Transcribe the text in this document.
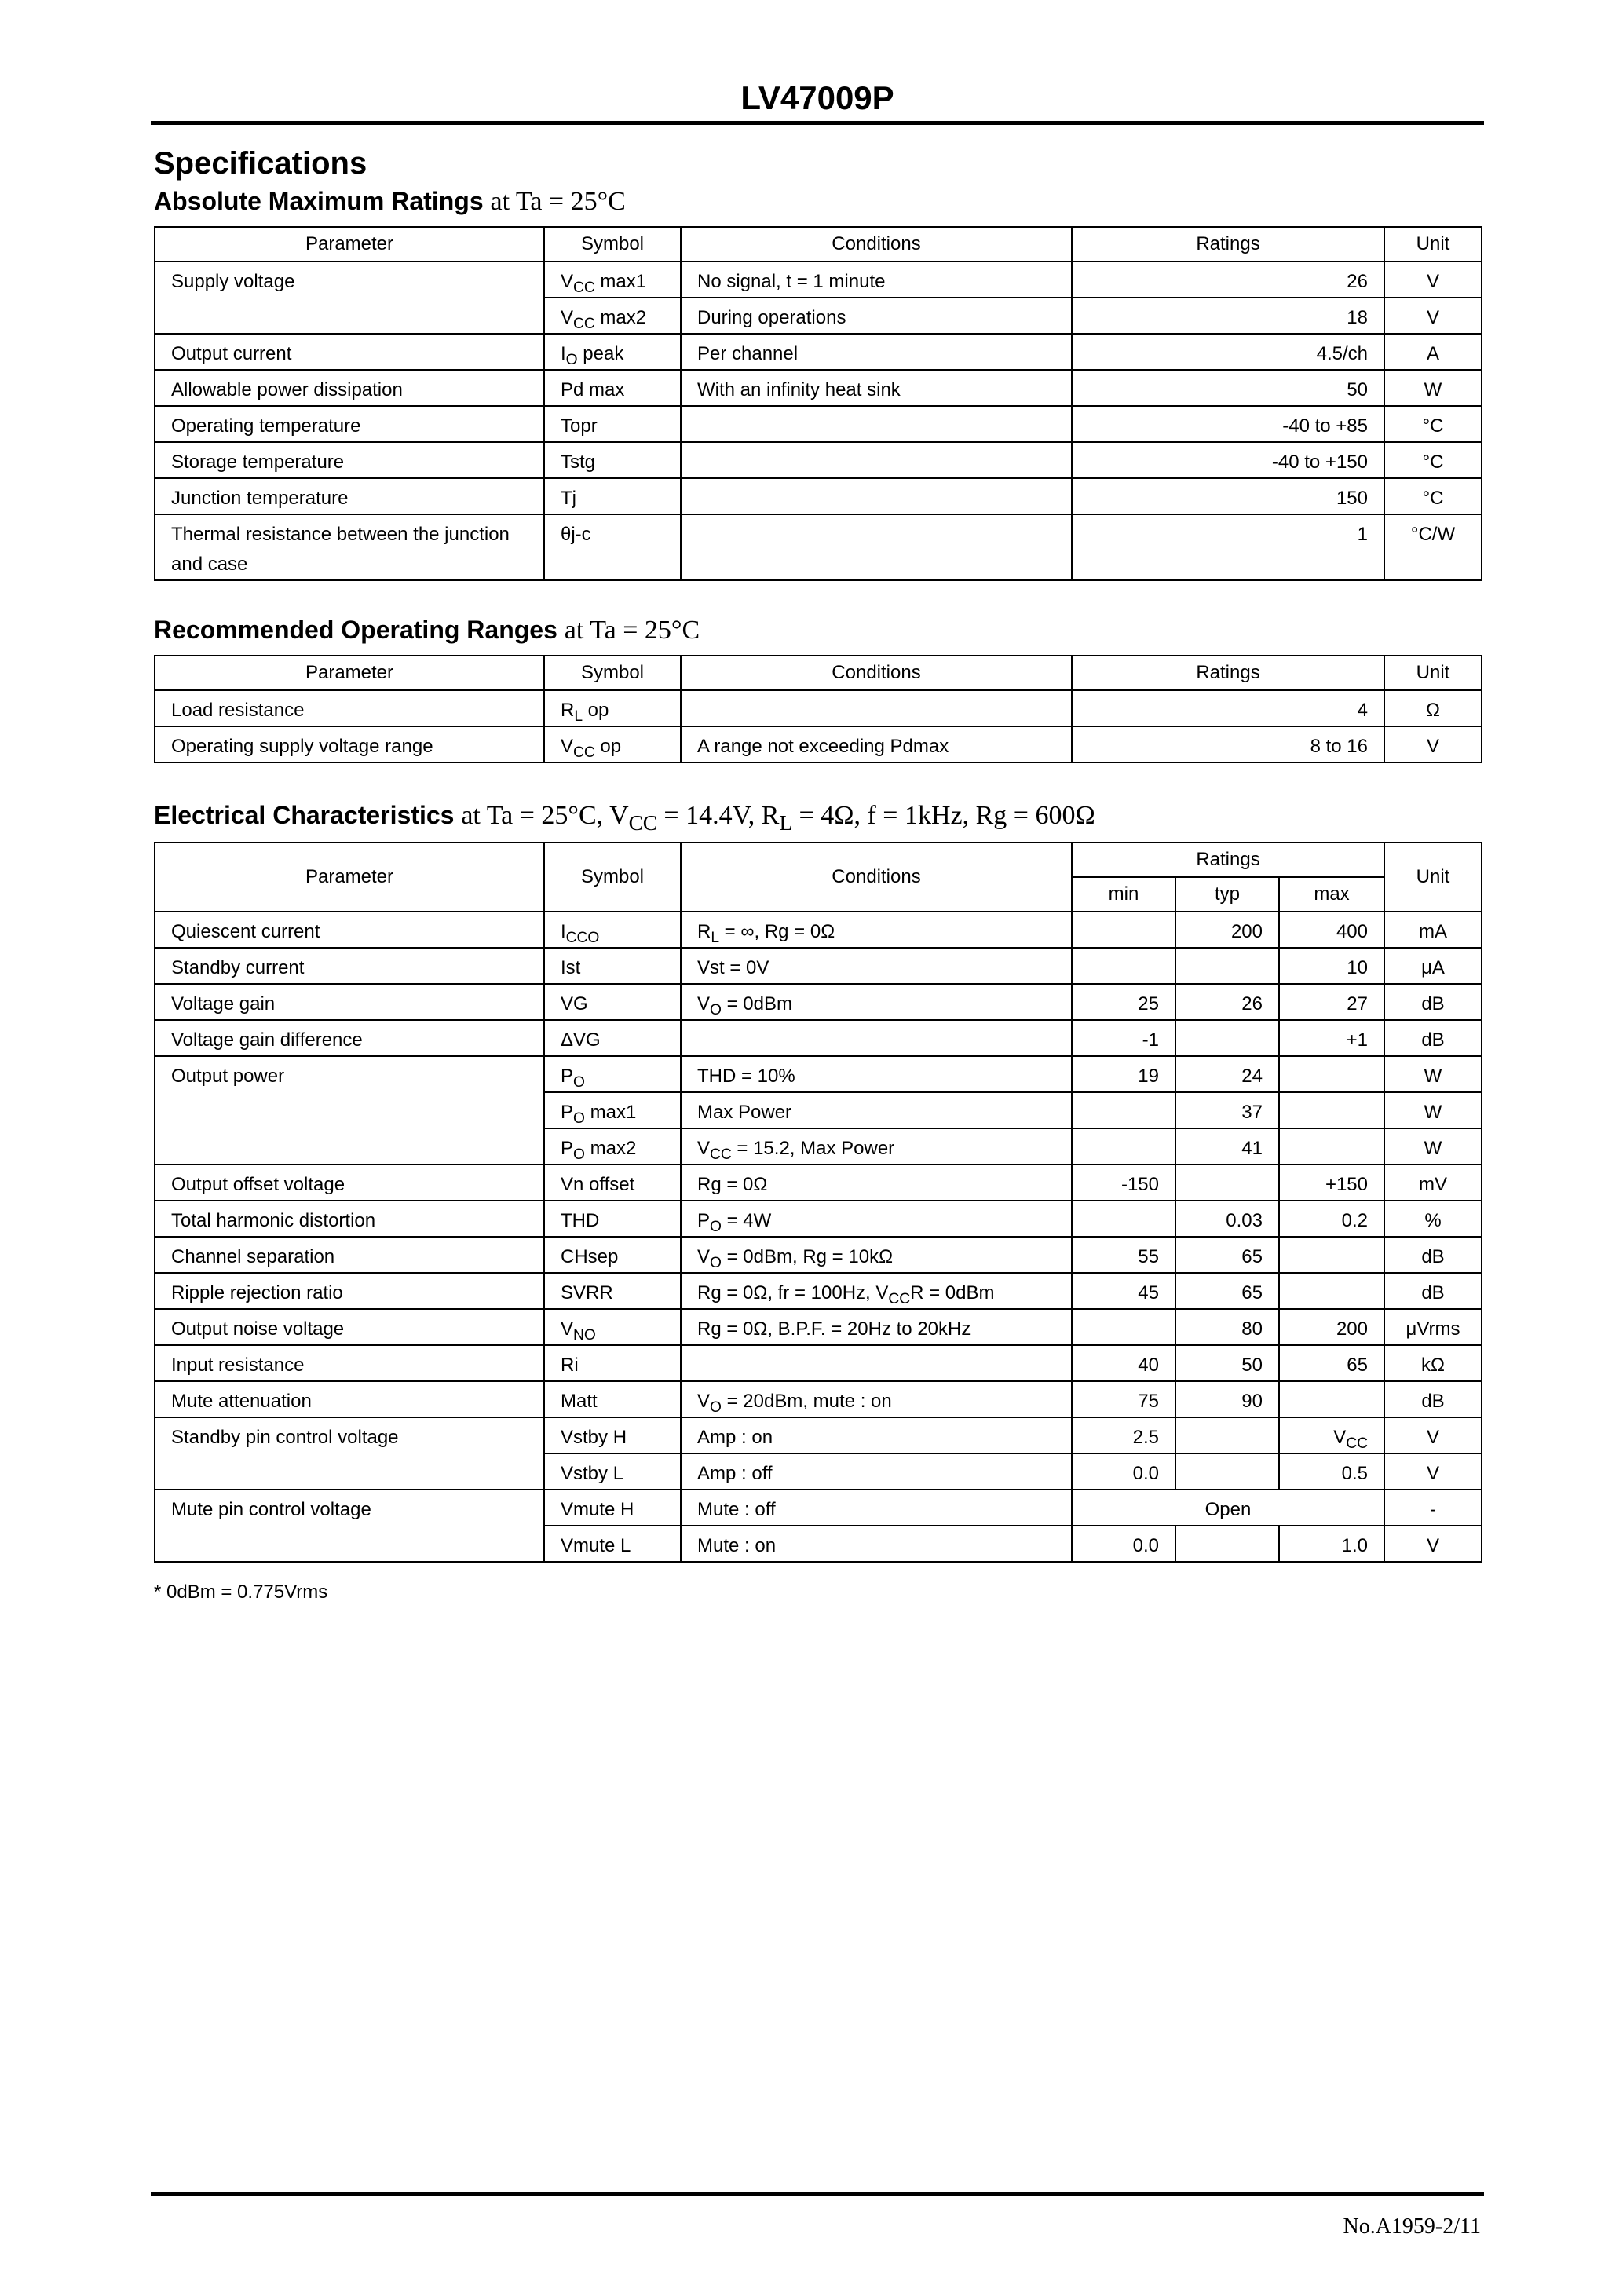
LV47009P
Specifications
Absolute Maximum Ratings at Ta = 25°C
Parameter	Symbol	Conditions	Ratings	Unit
Supply voltage	$V_{CC}$ max1	No signal, t = 1 minute	26	V
	$V_{CC}$ max2	During operations	18	V
Output current	$I_O$ peak	Per channel	4.5/ch	A
Allowable power dissipation	Pd max	With an infinity heat sink	50	W
Operating temperature	Topr		-40 to +85	°C
Storage temperature	Tstg		-40 to +150	°C
Junction temperature	Tj		150	°C
Thermal resistance between the junction and case	θj-c		1	°C/W
Recommended Operating Ranges at Ta = 25°C
Parameter	Symbol	Conditions	Ratings	Unit
Load resistance	$R_L$ op		4	Ω
Operating supply voltage range	$V_{CC}$ op	A range not exceeding Pdmax	8 to 16	V
Electrical Characteristics at Ta = 25°C, $V_{CC} = 14.4V$, $R_L = 4\Omega$, f = 1kHz, Rg = 600Ω
Parameter	Symbol	Conditions	Ratings			Unit
			min	typ	max	
Quiescent current	$I_{CCO}$	$R_L$ = ∞, Rg = 0Ω		200	400	mA
Standby current	Ist	Vst = 0V			10	μA
Voltage gain	VG	$V_O = 0dBm$	25	26	27	dB
Voltage gain difference	ΔVG		-1		+1	dB
Output power	$P_O$	THD = 10%	19	24		W
	$P_O$ max1	Max Power		37		W
	$P_O$ max2	$V_{CC} = 15.2$, Max Power		41		W
Output offset voltage	Vn offset	Rg = 0Ω	-150		+150	mV
Total harmonic distortion	THD	$P_O = 4W$		0.03	0.2	%
Channel separation	CHsep	$V_O = 0dBm$, Rg = 10kΩ	55	65		dB
Ripple rejection ratio	SVRR	Rg = 0Ω, fr = 100Hz, $V_{CC}R = 0dBm$	45	65		dB
Output noise voltage	$V_{NO}$	Rg = 0Ω, B.P.F. = 20Hz to 20kHz		80	200	μVrms
Input resistance	Ri		40	50	65	kΩ
Mute attenuation	Matt	$V_O = 20dBm$, mute : on	75	90		dB
Standby pin control voltage	Vstby H	Amp : on	2.5		$V_{CC}$	V
	Vstby L	Amp : off	0.0		0.5	V
Mute pin control voltage	Vmute H	Mute : off	Open			-
	Vmute L	Mute : on	0.0		1.0	V
* 0dBm = 0.775Vrms
No.A1959-2/11
